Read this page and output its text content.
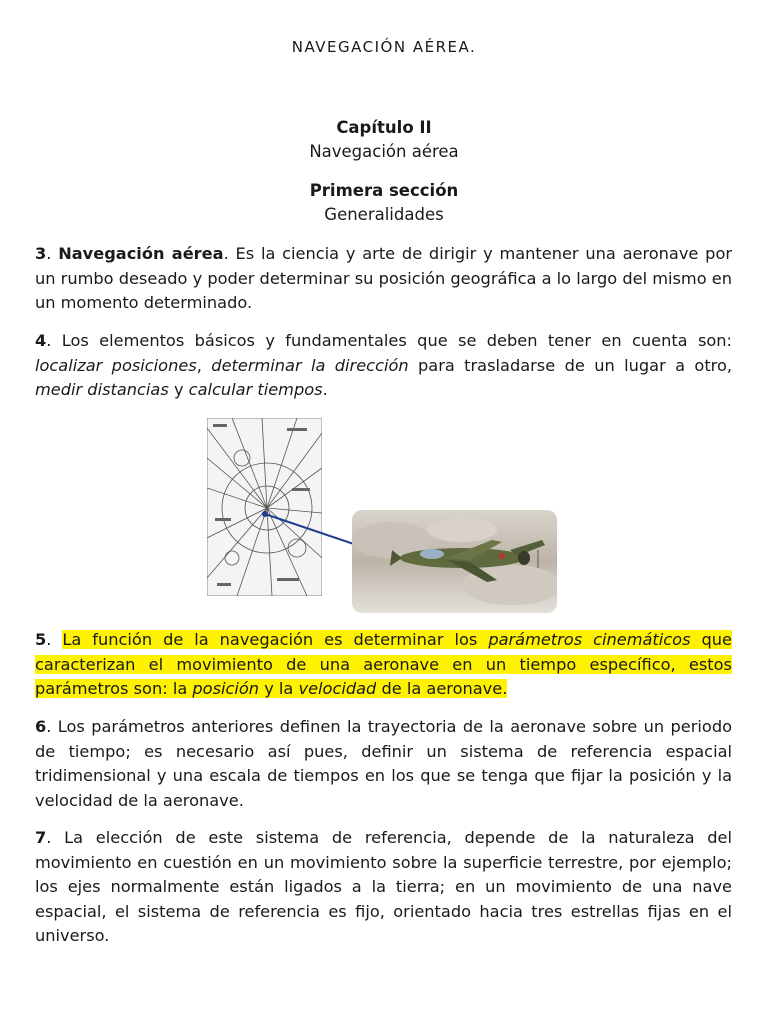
NAVEGACIÓN AÉREA.
Capítulo II
Navegación aérea
Primera sección
Generalidades
3. Navegación aérea. Es la ciencia y arte de dirigir y mantener una aeronave por un rumbo deseado y poder determinar su posición geográfica a lo largo del mismo en un momento determinado.
4. Los elementos básicos y fundamentales que se deben tener en cuenta son: localizar posiciones, determinar la dirección para trasladarse de un lugar a otro, medir distancias y calcular tiempos.
5. La función de la navegación es determinar los parámetros cinemáticos que caracterizan el movimiento de una aeronave en un tiempo específico, estos parámetros son: la posición y la velocidad de la aeronave.
6. Los parámetros anteriores definen la trayectoria de la aeronave sobre un periodo de tiempo; es necesario así pues, definir un sistema de referencia espacial tridimensional y una escala de tiempos en los que se tenga que fijar la posición y la velocidad de la aeronave.
7. La elección de este sistema de referencia, depende de la naturaleza del movimiento en cuestión en un movimiento sobre la superficie terrestre, por ejemplo; los ejes normalmente están ligados a la tierra; en un movimiento de una nave espacial, el sistema de referencia es fijo, orientado hacia tres estrellas fijas en el universo.
